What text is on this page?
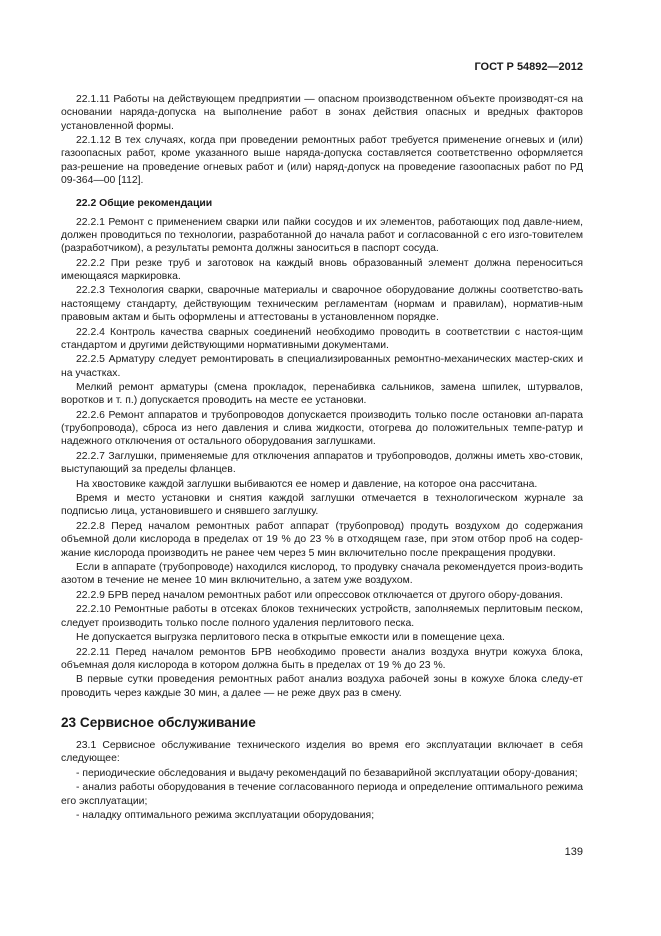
ГОСТ Р 54892—2012

22.1.11 Работы на действующем предприятии — опасном производственном объекте производят-ся на основании наряда-допуска на выполнение работ в зонах действия опасных и вредных факторов установленной формы.

22.1.12 В тех случаях, когда при проведении ремонтных работ требуется применение огневых и (или) газоопасных работ, кроме указанного выше наряда-допуска составляется соответственно оформляется раз-решение на проведение огневых работ и (или) наряд-допуск на проведение газоопасных работ по РД 09-364—00 [112].

22.2 Общие рекомендации

22.2.1 Ремонт с применением сварки или пайки сосудов и их элементов, работающих под давле-нием, должен проводиться по технологии, разработанной до начала работ и согласованной с его изго-товителем (разработчиком), а результаты ремонта должны заноситься в паспорт сосуда.

22.2.2 При резке труб и заготовок на каждый вновь образованный элемент должна переноситься имеющаяся маркировка.

22.2.3 Технология сварки, сварочные материалы и сварочное оборудование должны соответство-вать настоящему стандарту, действующим техническим регламентам (нормам и правилам), норматив-ным правовым актам и быть оформлены и аттестованы в установленном порядке.

22.2.4 Контроль качества сварных соединений необходимо проводить в соответствии с настоя-щим стандартом и другими действующими нормативными документами.

22.2.5 Арматуру следует ремонтировать в специализированных ремонтно-механических мастер-ских и на участках.

Мелкий ремонт арматуры (смена прокладок, перенабивка сальников, замена шпилек, штурвалов, воротков и т. п.) допускается проводить на месте ее установки.

22.2.6 Ремонт аппаратов и трубопроводов допускается производить только после остановки ап-парата (трубопровода), сброса из него давления и слива жидкости, отогрева до положительных темпе-ратур и надежного отключения от остального оборудования заглушками.

22.2.7 Заглушки, применяемые для отключения аппаратов и трубопроводов, должны иметь хво-стовик, выступающий за пределы фланцев.

На хвостовике каждой заглушки выбиваются ее номер и давление, на которое она рассчитана.

Время и место установки и снятия каждой заглушки отмечается в технологическом журнале за подписью лица, установившего и снявшего заглушку.

22.2.8 Перед началом ремонтных работ аппарат (трубопровод) продуть воздухом до содержания объемной доли кислорода в пределах от 19 % до 23 % в отходящем газе, при этом отбор проб на содер-жание кислорода производить не ранее чем через 5 мин включительно после прекращения продувки.

Если в аппарате (трубопроводе) находился кислород, то продувку сначала рекомендуется произ-водить азотом в течение не менее 10 мин включительно, а затем уже воздухом.

22.2.9 БРВ перед началом ремонтных работ или опрессовок отключается от другого обору-дования.

22.2.10 Ремонтные работы в отсеках блоков технических устройств, заполняемых перлитовым песком, следует производить только после полного удаления перлитового песка.

Не допускается выгрузка перлитового песка в открытые емкости или в помещение цеха.

22.2.11 Перед началом ремонтов БРВ необходимо провести анализ воздуха внутри кожуха блока, объемная доля кислорода в котором должна быть в пределах от 19 % до 23 %.

В первые сутки проведения ремонтных работ анализ воздуха рабочей зоны в кожухе блока следу-ет проводить через каждые 30 мин, а далее — не реже двух раз в смену.

23 Сервисное обслуживание

23.1 Сервисное обслуживание технического изделия во время его эксплуатации включает в себя следующее:

- периодические обследования и выдачу рекомендаций по безаварийной эксплуатации обору-дования;

- анализ работы оборудования в течение согласованного периода и определение оптимального режима его эксплуатации;

- наладку оптимального режима эксплуатации оборудования;

139
